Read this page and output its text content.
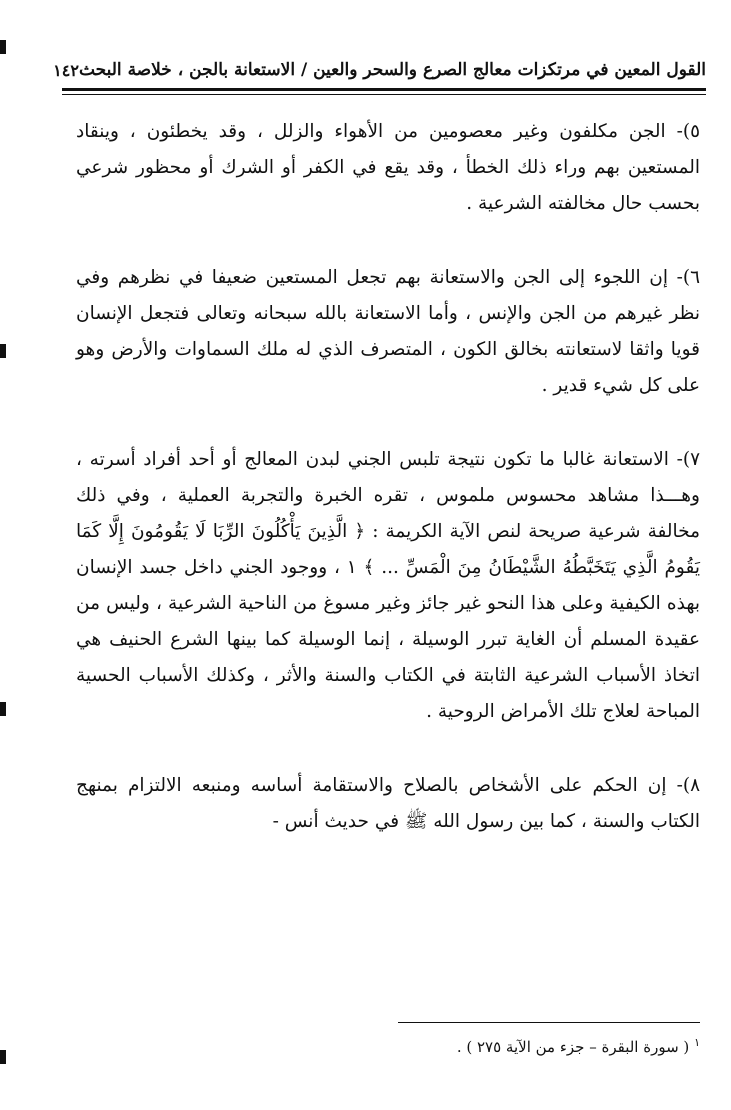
القول المعين في مرتكزات معالج الصرع والسحر والعين / الاستعانة بالجن ، خلاصة البحث
١٤٢

٥)- الجن مكلفون وغير معصومين من الأهواء والزلل ، وقد يخطئون ، وينقاد المستعين بهم وراء ذلك الخطأ ، وقد يقع في الكفر أو الشرك أو محظور شرعي بحسب حال مخالفته الشرعية .

٦)- إن اللجوء إلى الجن والاستعانة بهم تجعل المستعين ضعيفا في نظرهم وفي نظر غيرهم من الجن والإنس ، وأما الاستعانة بالله سبحانه وتعالى فتجعل الإنسان قويا واثقا لاستعانته بخالق الكون ، المتصرف الذي له ملك السماوات والأرض وهو على كل شيء قدير .

٧)- الاستعانة غالبا ما تكون نتيجة تلبس الجني لبدن المعالج أو أحد أفراد أسرته ، وهـــذا مشاهد محسوس ملموس ، تقره الخبرة والتجربة العملية ، وفي ذلك مخالفة شرعية صريحة لنص الآية الكريمة : ﴿ الَّذِينَ يَأْكُلُونَ الرِّبَا لَا يَقُومُونَ إِلَّا كَمَا يَقُومُ الَّذِي يَتَخَبَّطُهُ الشَّيْطَانُ مِنَ الْمَسِّ ... ﴾ ١ ، ووجود الجني داخل جسد الإنسان بهذه الكيفية وعلى هذا النحو غير جائز وغير مسوغ من الناحية الشرعية ، وليس من عقيدة المسلم أن الغاية تبرر الوسيلة ، إنما الوسيلة كما بينها الشرع الحنيف هي اتخاذ الأسباب الشرعية الثابتة في الكتاب والسنة والأثر ، وكذلك الأسباب الحسية المباحة لعلاج تلك الأمراض الروحية .

٨)- إن الحكم على الأشخاص بالصلاح والاستقامة أساسه ومنبعه الالتزام بمنهج الكتاب والسنة ، كما بين رسول الله ﷺ في حديث أنس -

$^١$ ( سورة البقرة – جزء من الآية ٢٧٥ ) .
